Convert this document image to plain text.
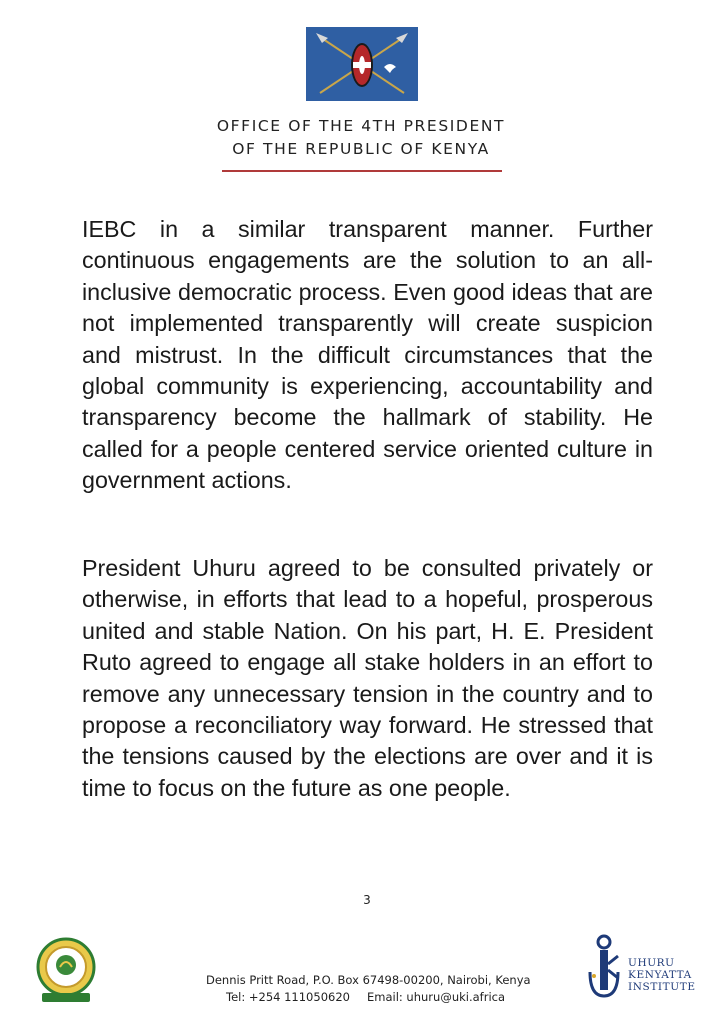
OFFICE OF THE 4TH PRESIDENT
OF THE REPUBLIC OF KENYA

IEBC in a similar transparent manner. Further continuous engagements are the solution to an all-inclusive democratic process. Even good ideas that are not implemented transparently will create suspicion and mistrust. In the difficult circumstances that the global community is experiencing, accountability and transparency become the hallmark of stability. He called for a people centered service oriented culture in government actions.

President Uhuru agreed to be consulted privately or otherwise, in efforts that lead to a hopeful, prosperous united and stable Nation. On his part, H. E. President Ruto agreed to engage all stake holders in an effort to remove any unnecessary tension in the country and to propose a reconciliatory way forward. He stressed that the tensions caused by the elections are over and it is time to focus on the future as one people.

3
Dennis Pritt Road, P.O. Box 67498-00200, Nairobi, Kenya
Tel: +254 111050620 Email: uhuru@uki.africa
UHURU
KENYATTA
INSTITUTE
